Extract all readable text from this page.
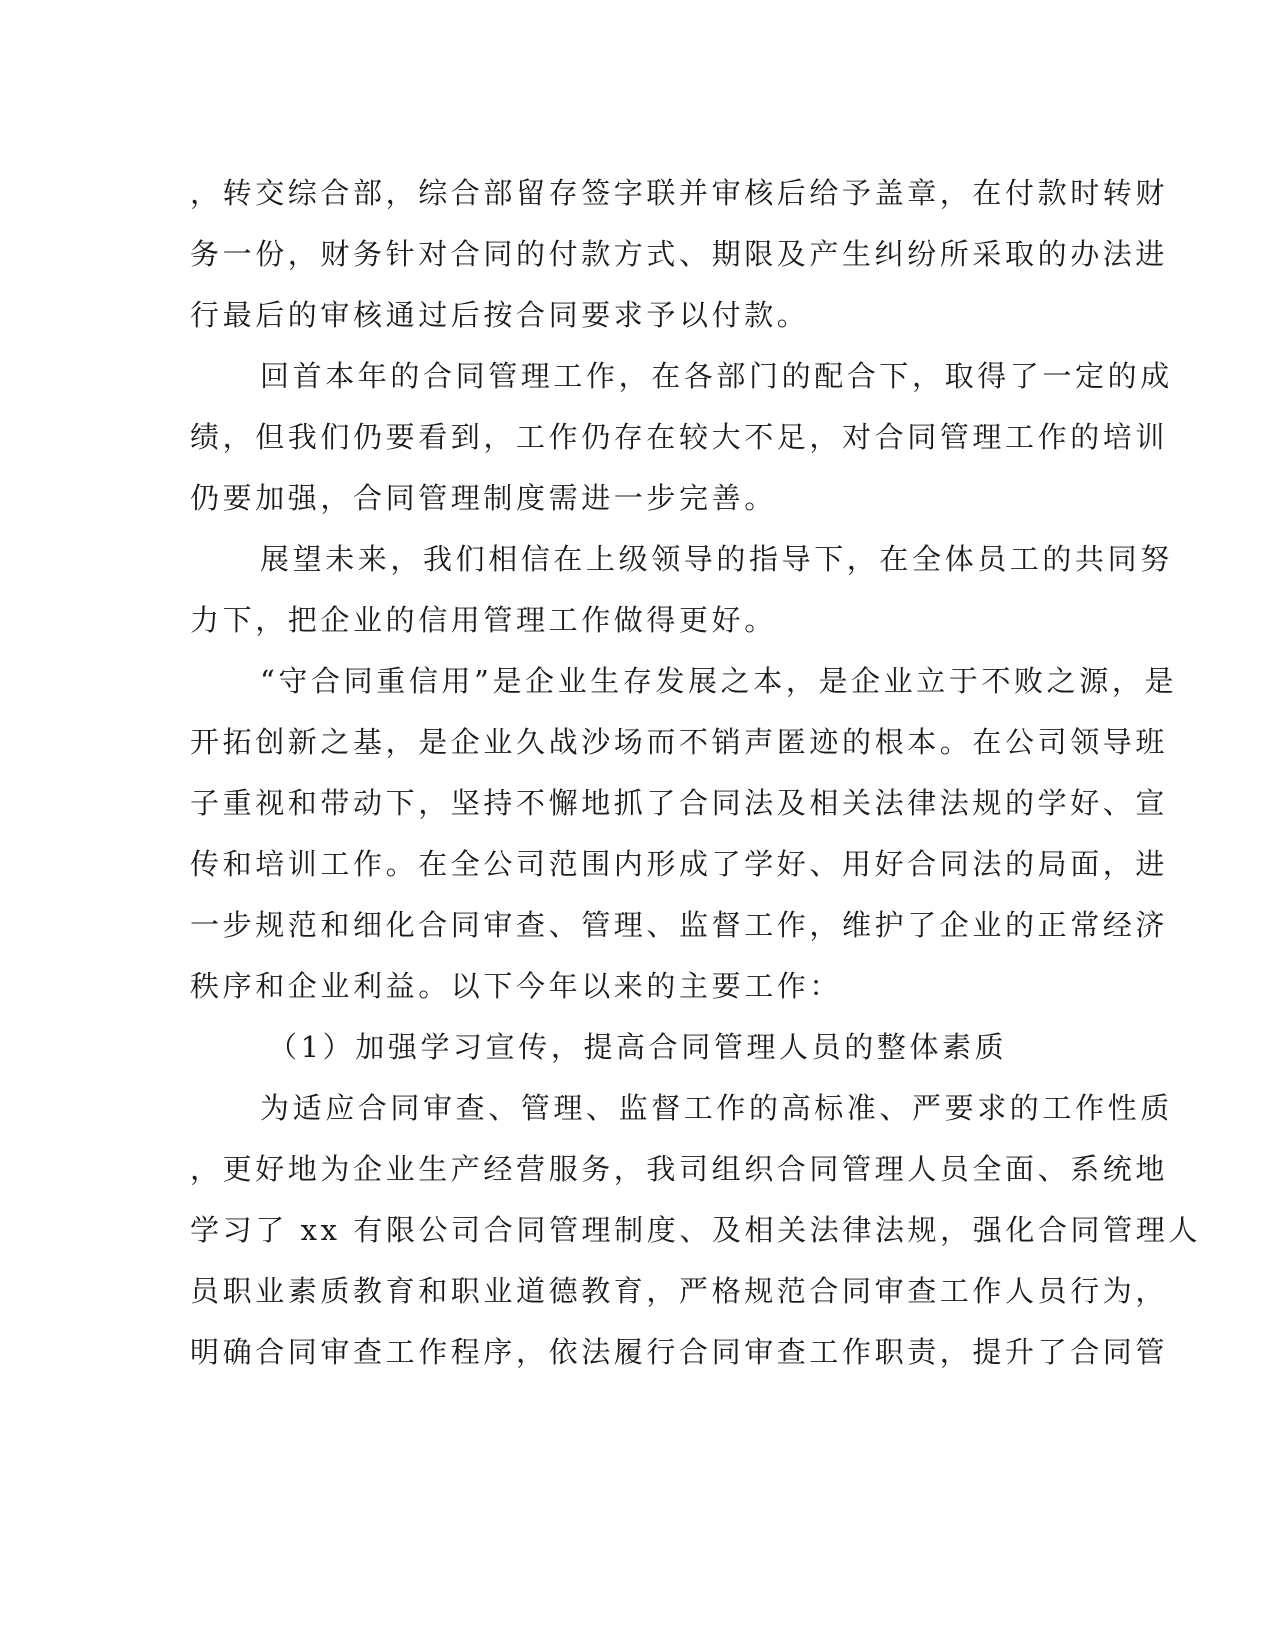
，转交综合部，综合部留存签字联并审核后给予盖章，在付款时转财
务一份，财务针对合同的付款方式、期限及产生纠纷所采取的办法进
行最后的审核通过后按合同要求予以付款。
回首本年的合同管理工作，在各部门的配合下，取得了一定的成
绩，但我们仍要看到，工作仍存在较大不足，对合同管理工作的培训
仍要加强，合同管理制度需进一步完善。
展望未来，我们相信在上级领导的指导下，在全体员工的共同努
力下，把企业的信用管理工作做得更好。
“守合同重信用”是企业生存发展之本，是企业立于不败之源，是
开拓创新之基，是企业久战沙场而不销声匿迹的根本。在公司领导班
子重视和带动下，坚持不懈地抓了合同法及相关法律法规的学好、宣
传和培训工作。在全公司范围内形成了学好、用好合同法的局面，进
一步规范和细化合同审查、管理、监督工作，维护了企业的正常经济
秩序和企业利益。以下今年以来的主要工作：
（1）加强学习宣传，提高合同管理人员的整体素质
为适应合同审查、管理、监督工作的高标准、严要求的工作性质
，更好地为企业生产经营服务，我司组织合同管理人员全面、系统地
学习了 xx 有限公司合同管理制度、及相关法律法规，强化合同管理人
员职业素质教育和职业道德教育，严格规范合同审查工作人员行为，
明确合同审查工作程序，依法履行合同审查工作职责，提升了合同管
